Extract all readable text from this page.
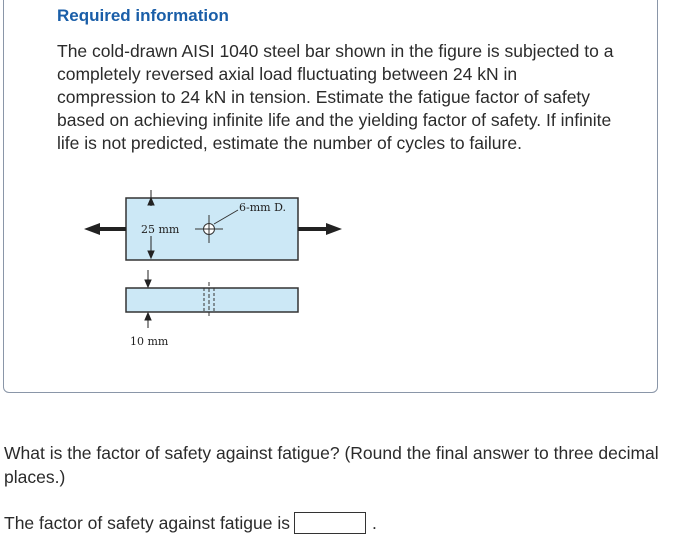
Required information

The cold-drawn AISI 1040 steel bar shown in the figure is subjected to a completely reversed axial load fluctuating between 24 kN in compression to 24 kN in tension. Estimate the fatigue factor of safety based on achieving infinite life and the yielding factor of safety. If infinite life is not predicted, estimate the number of cycles to failure.

6-mm D.
25 mm
10 mm

What is the factor of safety against fatigue? (Round the final answer to three decimal places.)

The factor of safety against fatigue is	.
